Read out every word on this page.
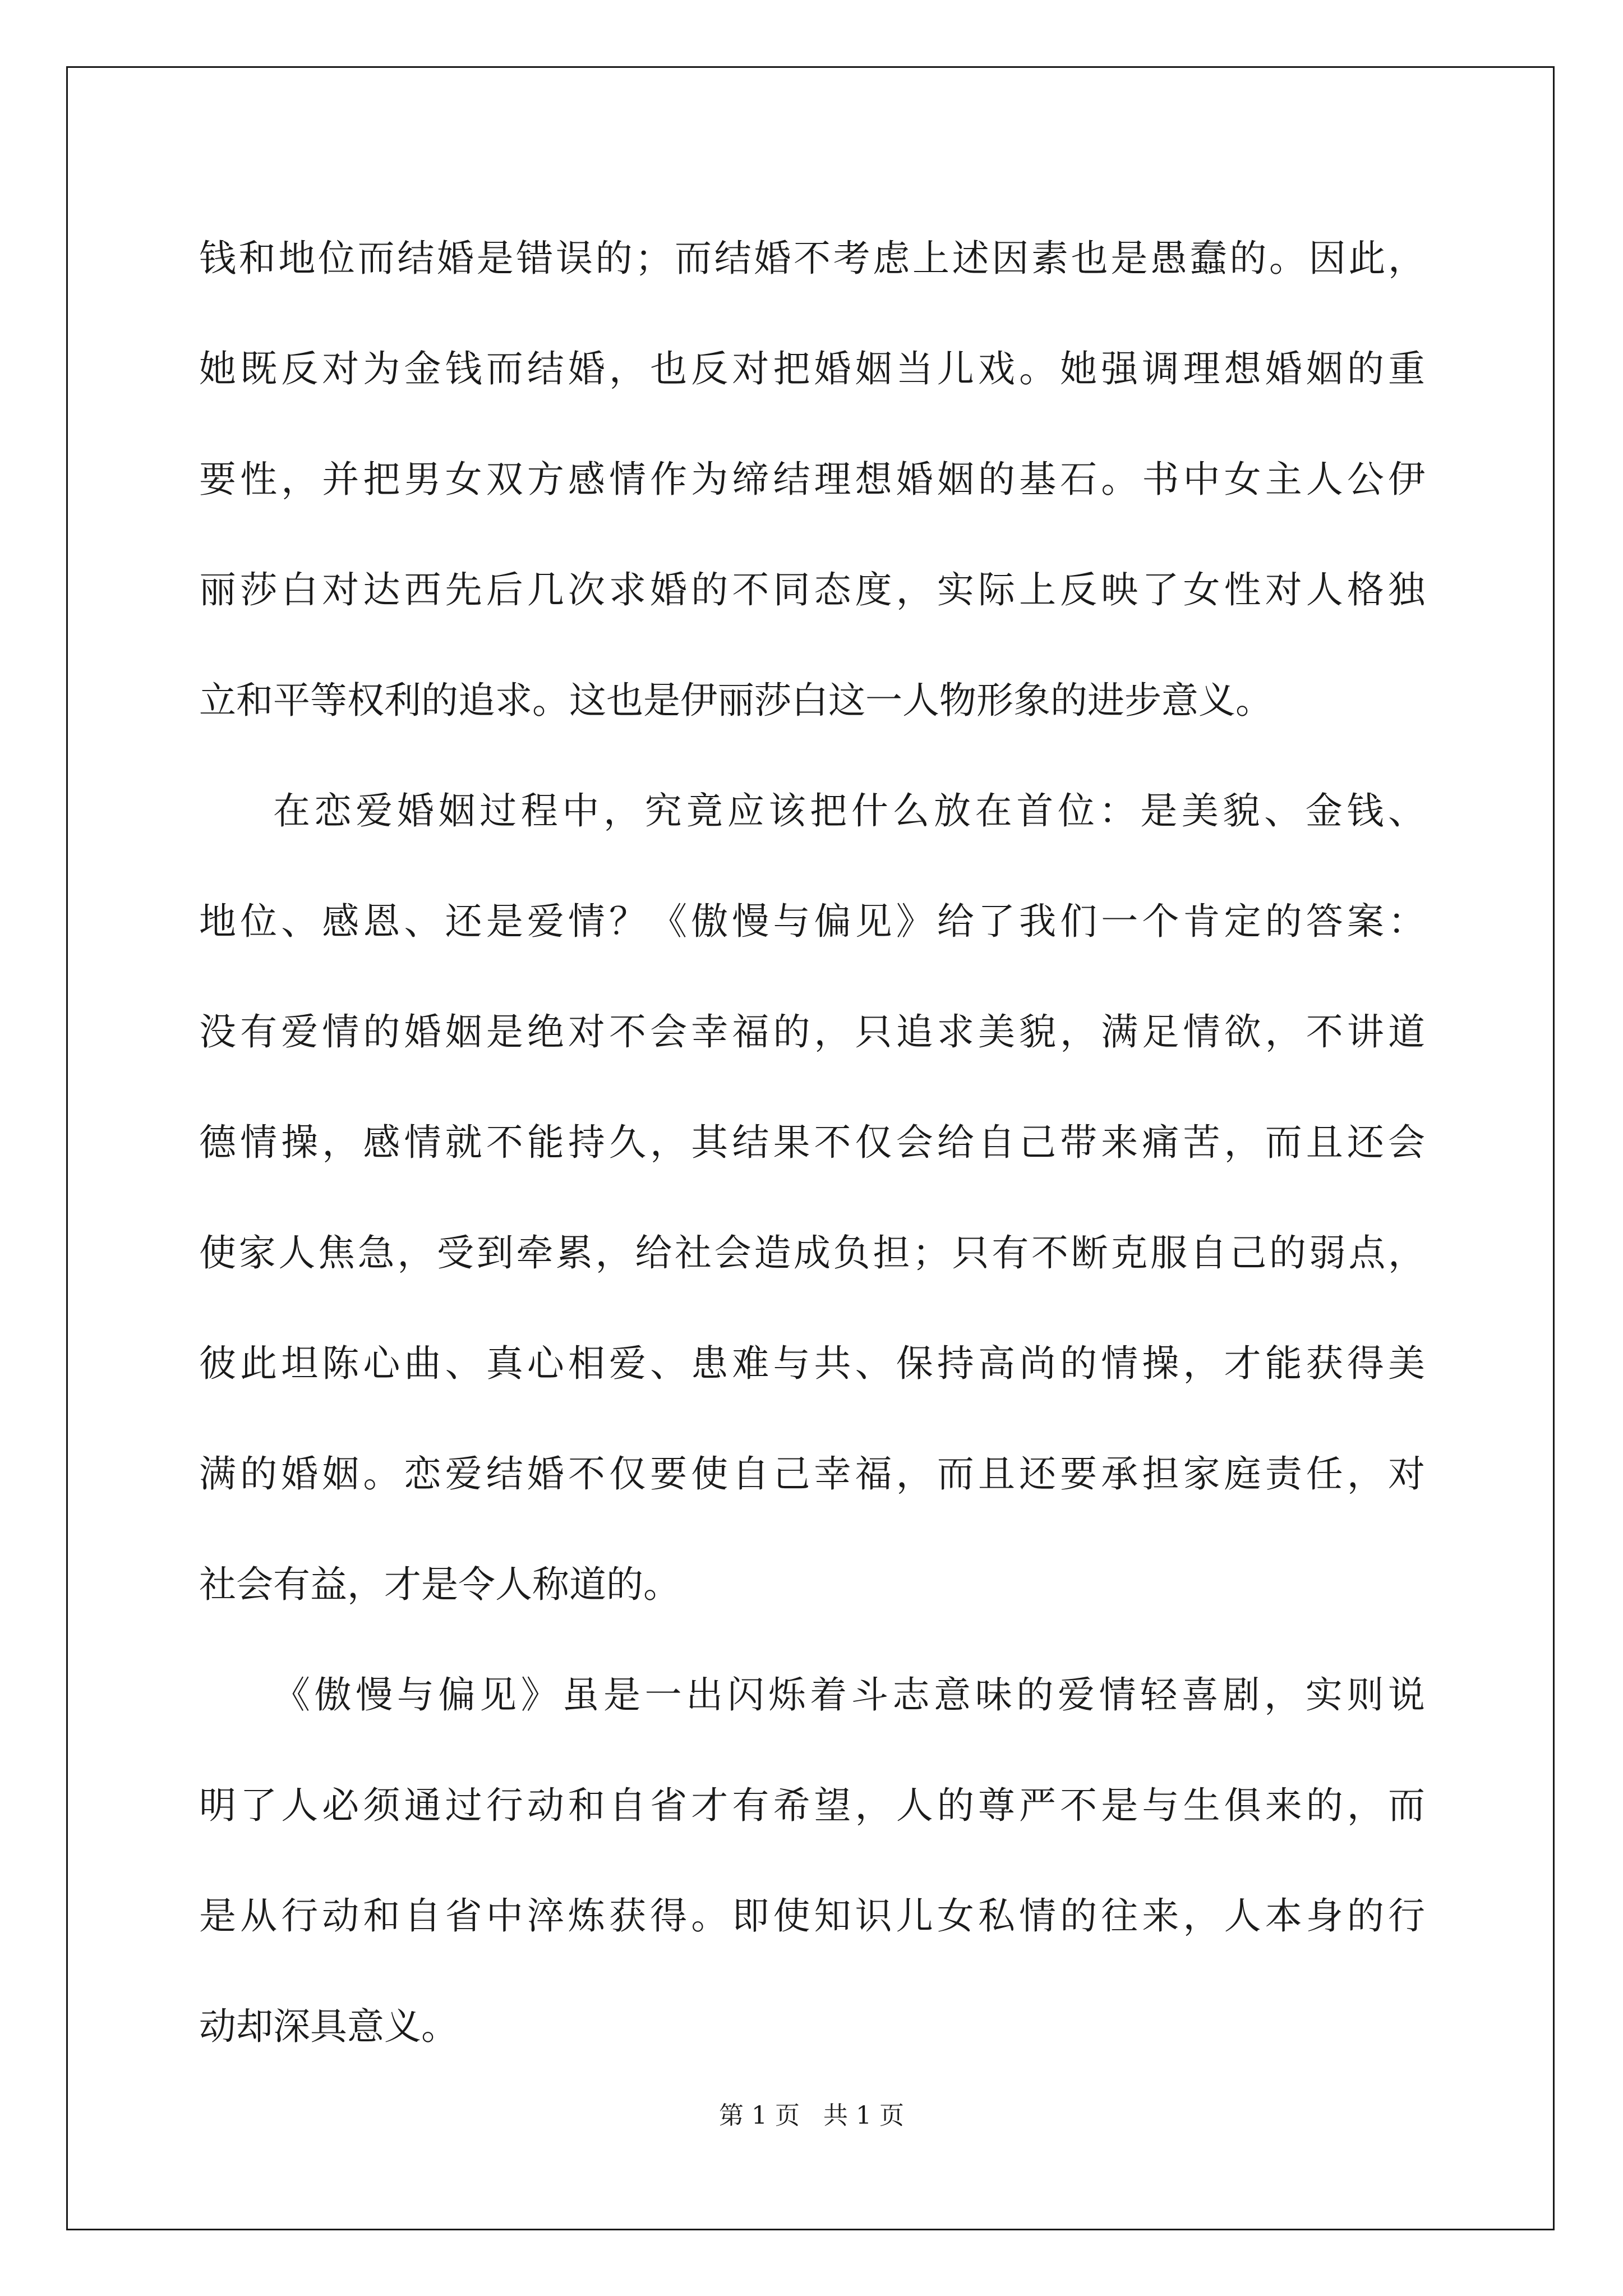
钱和地位而结婚是错误的；而结婚不考虑上述因素也是愚蠢的。因此，
她既反对为金钱而结婚，也反对把婚姻当儿戏。她强调理想婚姻的重
要性，并把男女双方感情作为缔结理想婚姻的基石。书中女主人公伊
丽莎白对达西先后几次求婚的不同态度，实际上反映了女性对人格独
立和平等权利的追求。这也是伊丽莎白这一人物形象的进步意义。
在恋爱婚姻过程中，究竟应该把什么放在首位：是美貌、金钱、
地位、感恩、还是爱情？《傲慢与偏见》给了我们一个肯定的答案：
没有爱情的婚姻是绝对不会幸福的，只追求美貌，满足情欲，不讲道
德情操，感情就不能持久，其结果不仅会给自己带来痛苦，而且还会
使家人焦急，受到牵累，给社会造成负担；只有不断克服自己的弱点，
彼此坦陈心曲、真心相爱、患难与共、保持高尚的情操，才能获得美
满的婚姻。恋爱结婚不仅要使自己幸福，而且还要承担家庭责任，对
社会有益，才是令人称道的。
《傲慢与偏见》虽是一出闪烁着斗志意味的爱情轻喜剧，实则说
明了人必须通过行动和自省才有希望，人的尊严不是与生俱来的，而
是从行动和自省中淬炼获得。即使知识儿女私情的往来，人本身的行
动却深具意义。
第 1 页   共 1 页
